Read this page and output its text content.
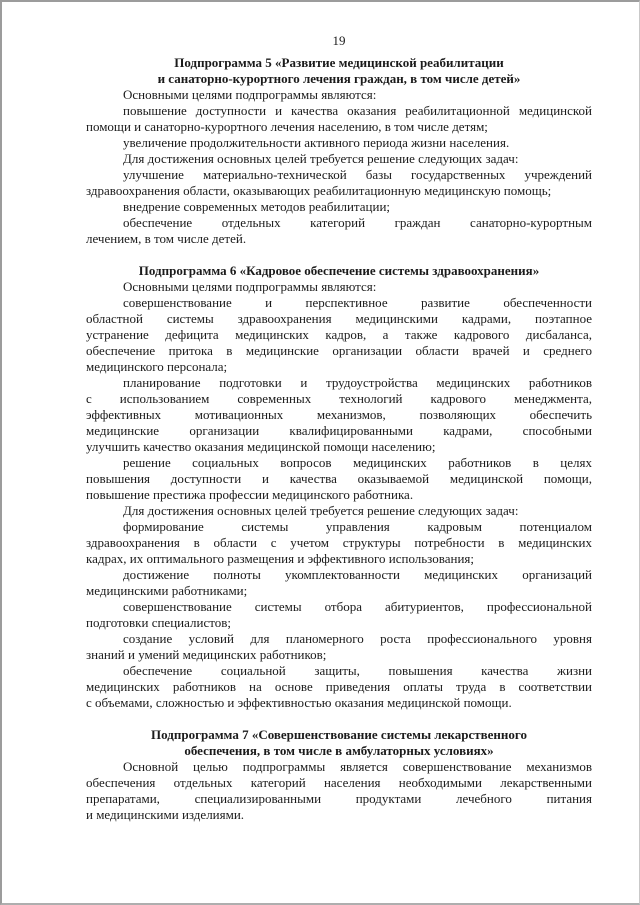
19
Подпрограмма 5 «Развитие медицинской реабилитации
и санаторно-курортного лечения граждан, в том числе детей»
Основными целями подпрограммы являются:
повышение доступности и качества оказания реабилитационной медицинской
помощи и санаторно-курортного лечения населению, в том числе детям;
увеличение продолжительности активного периода жизни населения.
Для достижения основных целей требуется решение следующих задач:
улучшение материально-технической базы государственных учреждений
здравоохранения области, оказывающих реабилитационную медицинскую помощь;
внедрение современных методов реабилитации;
обеспечение отдельных категорий граждан санаторно-курортным
лечением, в том числе детей.
Подпрограмма 6 «Кадровое обеспечение системы здравоохранения»
Основными целями подпрограммы являются:
совершенствование и перспективное развитие обеспеченности
областной системы здравоохранения медицинскими кадрами, поэтапное
устранение дефицита медицинских кадров, а также кадрового дисбаланса,
обеспечение притока в медицинские организации области врачей и среднего
медицинского персонала;
планирование подготовки и трудоустройства медицинских работников
с использованием современных технологий кадрового менеджмента,
эффективных мотивационных механизмов, позволяющих обеспечить
медицинские организации квалифицированными кадрами, способными
улучшить качество оказания медицинской помощи населению;
решение социальных вопросов медицинских работников в целях
повышения доступности и качества оказываемой медицинской помощи,
повышение престижа профессии медицинского работника.
Для достижения основных целей требуется решение следующих задач:
формирование системы управления кадровым потенциалом
здравоохранения в области с учетом структуры потребности в медицинских
кадрах, их оптимального размещения и эффективного использования;
достижение полноты укомплектованности медицинских организаций
медицинскими работниками;
совершенствование системы отбора абитуриентов, профессиональной
подготовки специалистов;
создание условий для планомерного роста профессионального уровня
знаний и умений медицинских работников;
обеспечение социальной защиты, повышения качества жизни
медицинских работников на основе приведения оплаты труда в соответствии
с объемами, сложностью и эффективностью оказания медицинской помощи.
Подпрограмма 7 «Совершенствование системы лекарственного
обеспечения, в том числе в амбулаторных условиях»
Основной целью подпрограммы является совершенствование механизмов
обеспечения отдельных категорий населения необходимыми лекарственными
препаратами, специализированными продуктами лечебного питания
и медицинскими изделиями.
